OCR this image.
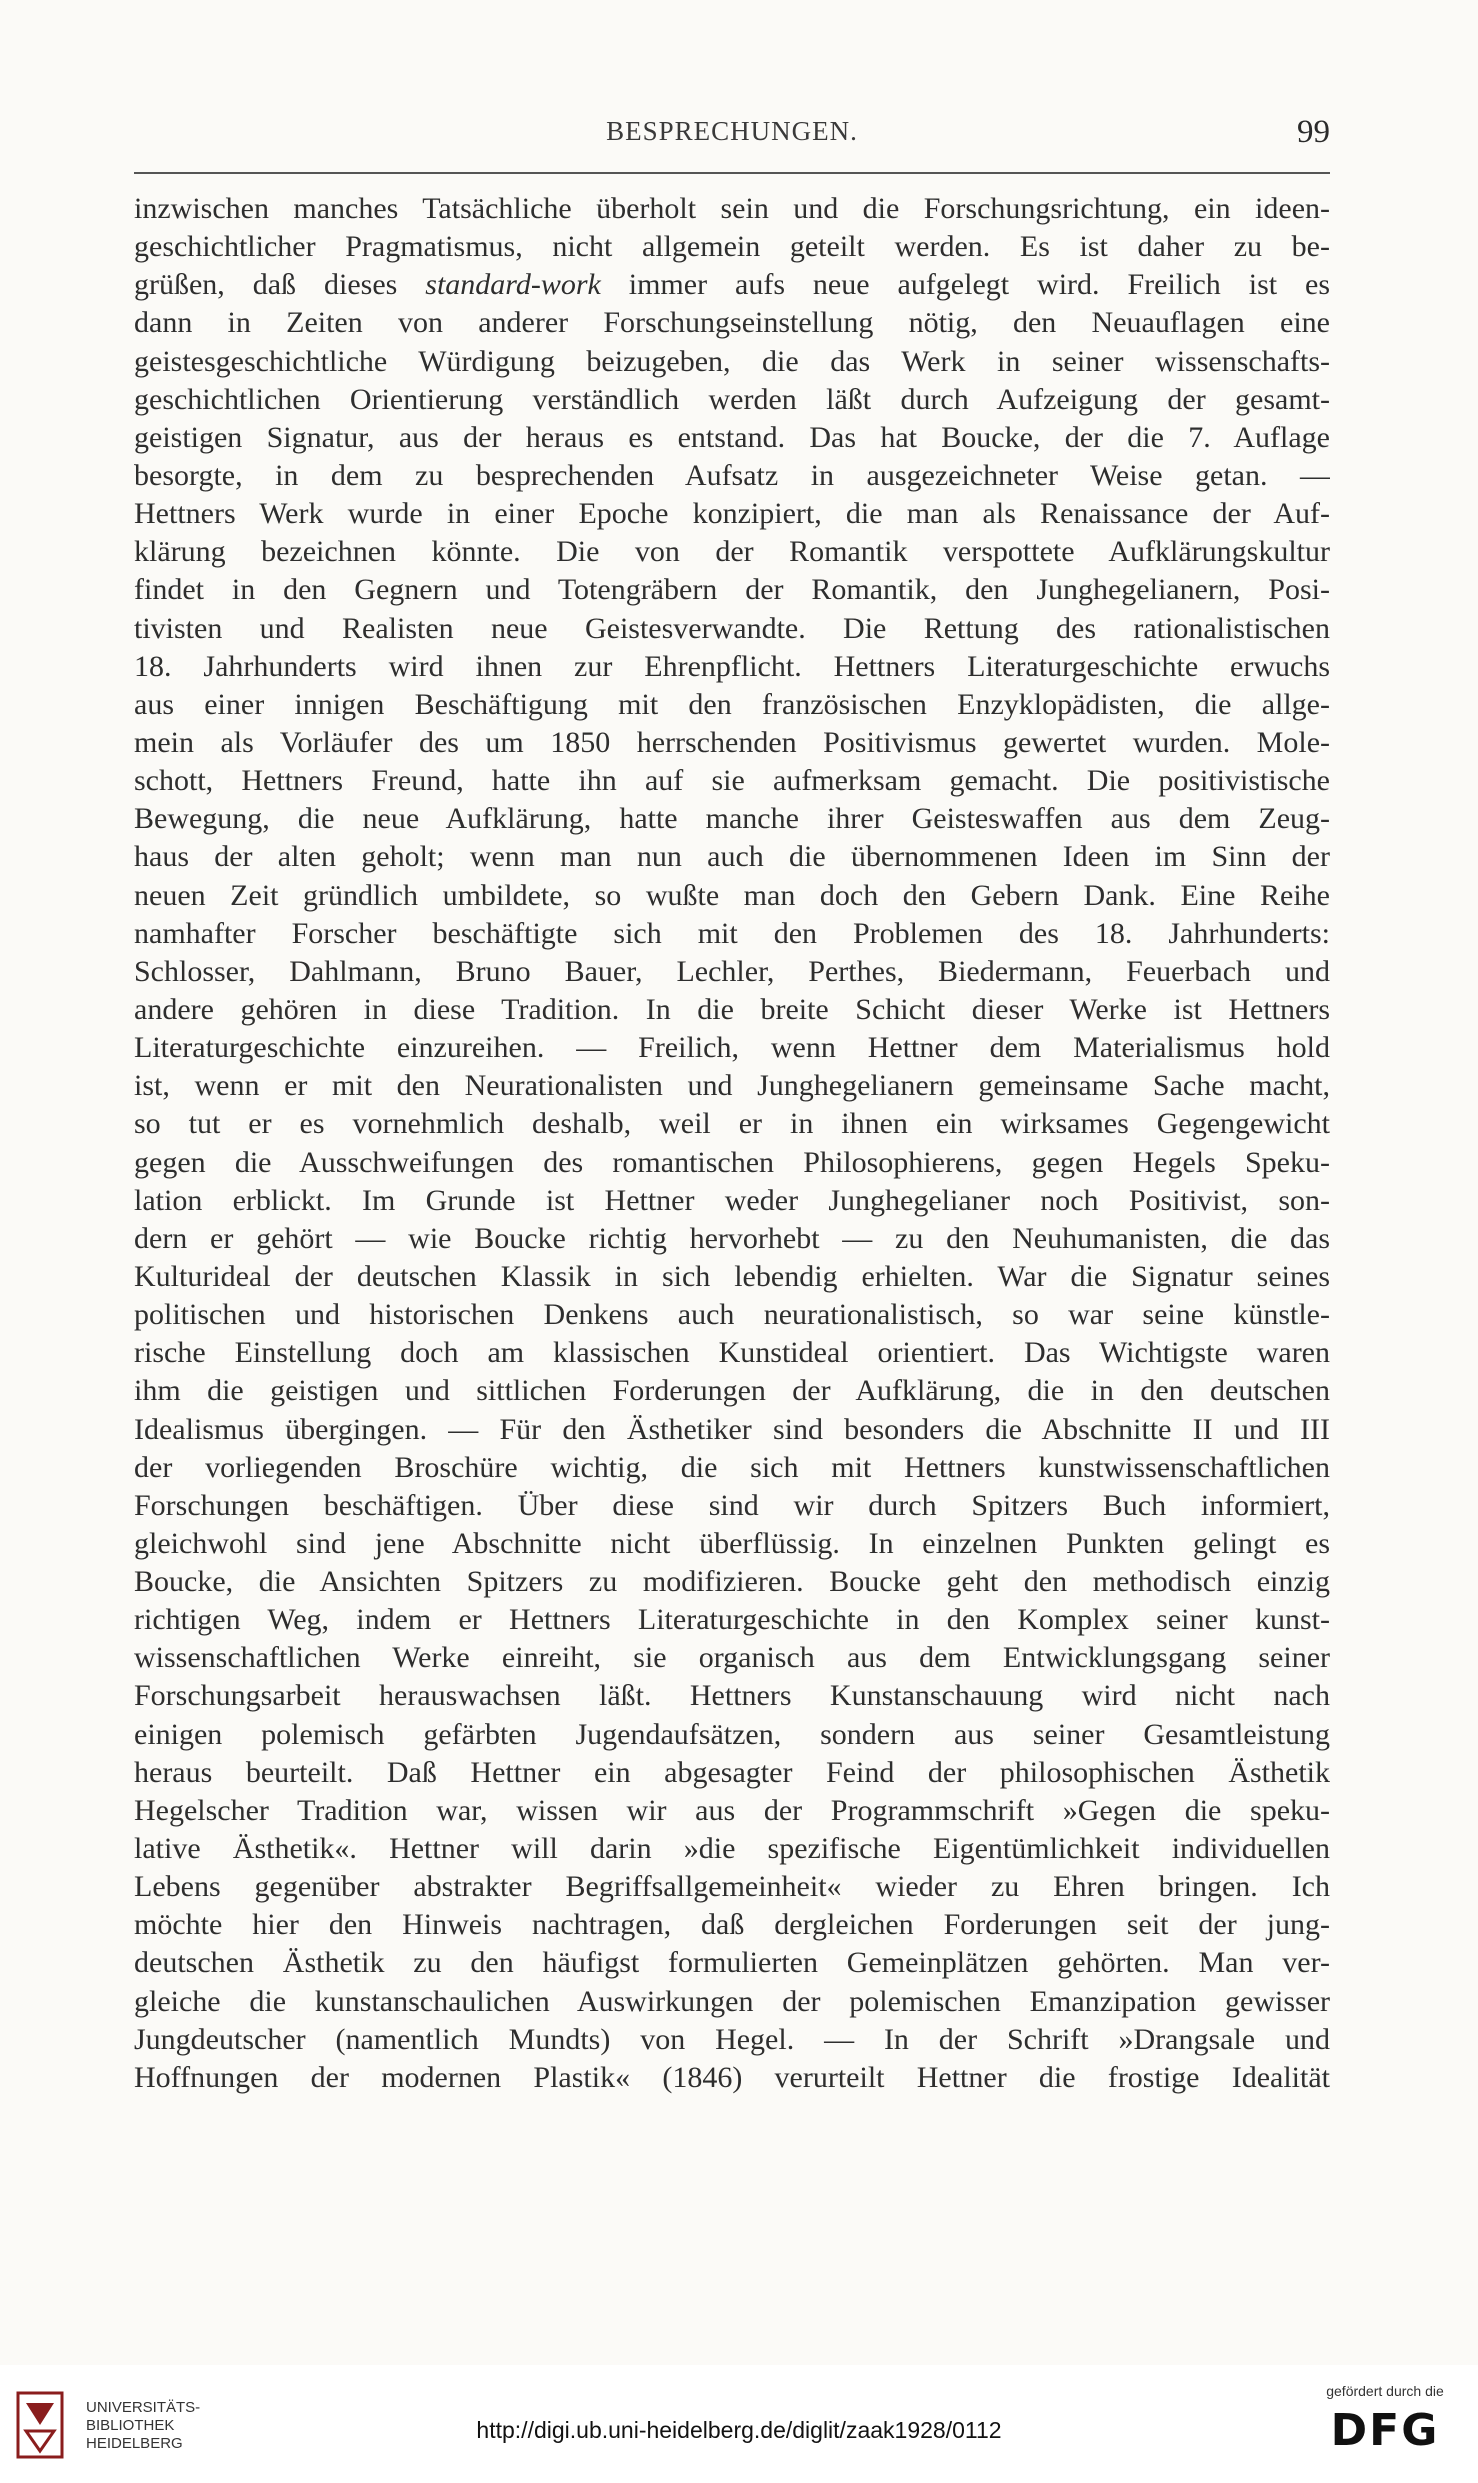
BESPRECHUNGEN.	99
inzwischen manches Tatsächliche überholt sein und die Forschungsrichtung, ein ideen-
geschichtlicher Pragmatismus, nicht allgemein geteilt werden. Es ist daher zu be-
grüßen, daß dieses standard-work immer aufs neue aufgelegt wird. Freilich ist es
dann in Zeiten von anderer Forschungseinstellung nötig, den Neuauflagen eine
geistesgeschichtliche Würdigung beizugeben, die das Werk in seiner wissenschafts-
geschichtlichen Orientierung verständlich werden läßt durch Aufzeigung der gesamt-
geistigen Signatur, aus der heraus es entstand. Das hat Boucke, der die 7. Auflage
besorgte, in dem zu besprechenden Aufsatz in ausgezeichneter Weise getan. —
Hettners Werk wurde in einer Epoche konzipiert, die man als Renaissance der Auf-
klärung bezeichnen könnte. Die von der Romantik verspottete Aufklärungskultur
findet in den Gegnern und Totengräbern der Romantik, den Junghegelianern, Posi-
tivisten und Realisten neue Geistesverwandte. Die Rettung des rationalistischen
18. Jahrhunderts wird ihnen zur Ehrenpflicht. Hettners Literaturgeschichte erwuchs
aus einer innigen Beschäftigung mit den französischen Enzyklopädisten, die allge-
mein als Vorläufer des um 1850 herrschenden Positivismus gewertet wurden. Mole-
schott, Hettners Freund, hatte ihn auf sie aufmerksam gemacht. Die positivistische
Bewegung, die neue Aufklärung, hatte manche ihrer Geisteswaffen aus dem Zeug-
haus der alten geholt; wenn man nun auch die übernommenen Ideen im Sinn der
neuen Zeit gründlich umbildete, so wußte man doch den Gebern Dank. Eine Reihe
namhafter Forscher beschäftigte sich mit den Problemen des 18. Jahrhunderts:
Schlosser, Dahlmann, Bruno Bauer, Lechler, Perthes, Biedermann, Feuerbach und
andere gehören in diese Tradition. In die breite Schicht dieser Werke ist Hettners
Literaturgeschichte einzureihen. — Freilich, wenn Hettner dem Materialismus hold
ist, wenn er mit den Neurationalisten und Junghegelianern gemeinsame Sache macht,
so tut er es vornehmlich deshalb, weil er in ihnen ein wirksames Gegengewicht
gegen die Ausschweifungen des romantischen Philosophierens, gegen Hegels Speku-
lation erblickt. Im Grunde ist Hettner weder Junghegelianer noch Positivist, son-
dern er gehört — wie Boucke richtig hervorhebt — zu den Neuhumanisten, die das
Kulturideal der deutschen Klassik in sich lebendig erhielten. War die Signatur seines
politischen und historischen Denkens auch neurationalistisch, so war seine künstle-
rische Einstellung doch am klassischen Kunstideal orientiert. Das Wichtigste waren
ihm die geistigen und sittlichen Forderungen der Aufklärung, die in den deutschen
Idealismus übergingen. — Für den Ästhetiker sind besonders die Abschnitte II und III
der vorliegenden Broschüre wichtig, die sich mit Hettners kunstwissenschaftlichen
Forschungen beschäftigen. Über diese sind wir durch Spitzers Buch informiert,
gleichwohl sind jene Abschnitte nicht überflüssig. In einzelnen Punkten gelingt es
Boucke, die Ansichten Spitzers zu modifizieren. Boucke geht den methodisch einzig
richtigen Weg, indem er Hettners Literaturgeschichte in den Komplex seiner kunst-
wissenschaftlichen Werke einreiht, sie organisch aus dem Entwicklungsgang seiner
Forschungsarbeit herauswachsen läßt. Hettners Kunstanschauung wird nicht nach
einigen polemisch gefärbten Jugendaufsätzen, sondern aus seiner Gesamtleistung
heraus beurteilt. Daß Hettner ein abgesagter Feind der philosophischen Ästhetik
Hegelscher Tradition war, wissen wir aus der Programmschrift »Gegen die speku-
lative Ästhetik«. Hettner will darin »die spezifische Eigentümlichkeit individuellen
Lebens gegenüber abstrakter Begriffsallgemeinheit« wieder zu Ehren bringen. Ich
möchte hier den Hinweis nachtragen, daß dergleichen Forderungen seit der jung-
deutschen Ästhetik zu den häufigst formulierten Gemeinplätzen gehörten. Man ver-
gleiche die kunstanschaulichen Auswirkungen der polemischen Emanzipation gewisser
Jungdeutscher (namentlich Mundts) von Hegel. — In der Schrift »Drangsale und
Hoffnungen der modernen Plastik« (1846) verurteilt Hettner die frostige Idealität
UNIVERSITÄTS-
BIBLIOTHEK
HEIDELBERG
http://digi.ub.uni-heidelberg.de/diglit/zaak1928/0112
gefördert durch die
DFG
